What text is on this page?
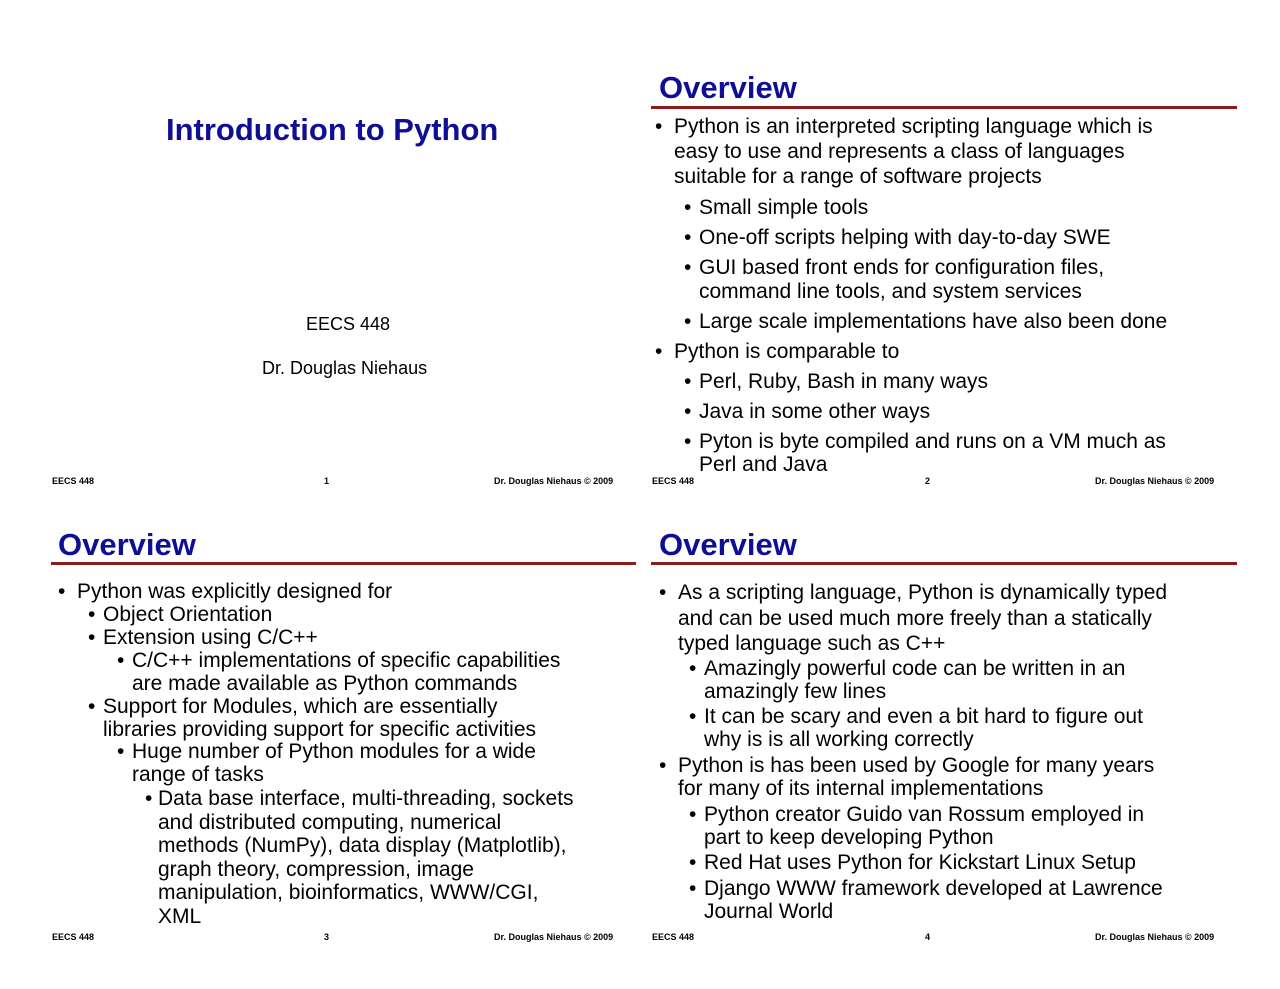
Introduction to Python
EECS 448
Dr. Douglas Niehaus
EECS 448	1	Dr. Douglas Niehaus © 2009
Overview
• Python is an interpreted scripting language which is
easy to use and represents a class of languages
suitable for a range of software projects
• Small simple tools
• One-off scripts helping with day-to-day SWE
• GUI based front ends for configuration files,
command line tools, and system services
• Large scale implementations have also been done
• Python is comparable to
• Perl, Ruby, Bash in many ways
• Java in some other ways
• Pyton is byte compiled and runs on a VM much as
Perl and Java
EECS 448	2	Dr. Douglas Niehaus © 2009
Overview
• Python was explicitly designed for
• Object Orientation
• Extension using C/C++
• C/C++ implementations of specific capabilities
are made available as Python commands
• Support for Modules, which are essentially
libraries providing support for specific activities
• Huge number of Python modules for a wide
range of tasks
• Data base interface, multi-threading, sockets
and distributed computing, numerical
methods (NumPy), data display (Matplotlib),
graph theory, compression, image
manipulation, bioinformatics, WWW/CGI,
XML
EECS 448	3	Dr. Douglas Niehaus © 2009
Overview
• As a scripting language, Python is dynamically typed
and can be used much more freely than a statically
typed language such as C++
• Amazingly powerful code can be written in an
amazingly few lines
• It can be scary and even a bit hard to figure out
why is is all working correctly
• Python is has been used by Google for many years
for many of its internal implementations
• Python creator Guido van Rossum employed in
part to keep developing Python
• Red Hat uses Python for Kickstart Linux Setup
• Django WWW framework developed at Lawrence
Journal World
EECS 448	4	Dr. Douglas Niehaus © 2009
